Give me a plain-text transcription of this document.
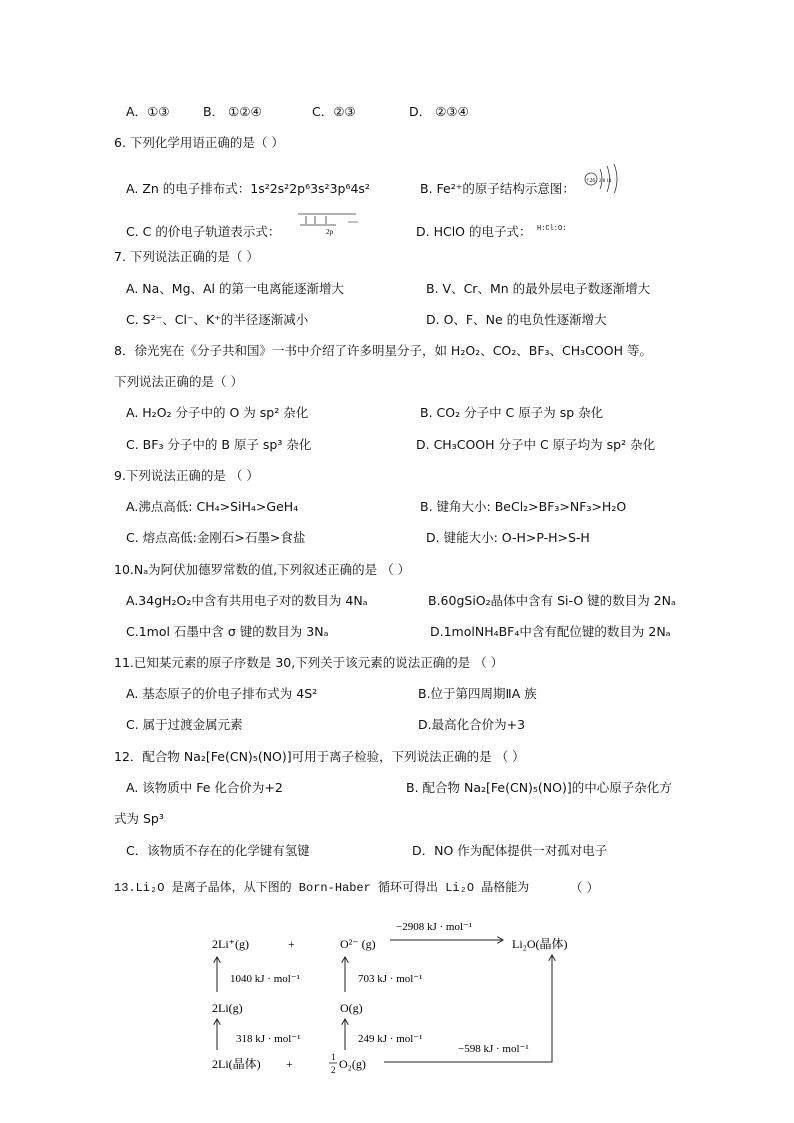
A．①③	B． ①②④	C．②③	D． ②③④
6. 下列化学用语正确的是（ ）
A. Zn 的电子排布式：1s²2s²2p⁶3s²3p⁶4s²	B. Fe²⁺的原子结构示意图： +26 2 8 14
C. C 的价电子轨道表示式：	2p	D. HClO 的电子式： H:Cl:O:
7. 下列说法正确的是（ ）
A. Na、Mg、Al 的第一电离能逐渐增大	B. V、Cr、Mn 的最外层电子数逐渐增大
C. S²⁻、Cl⁻、K⁺的半径逐渐减小	D. O、F、Ne 的电负性逐渐增大
8．徐光宪在《分子共和国》一书中介绍了许多明星分子，如 H₂O₂、CO₂、BF₃、CH₃COOH 等。
下列说法正确的是（ ）
A. H₂O₂ 分子中的 O 为 sp² 杂化	B. CO₂ 分子中 C 原子为 sp 杂化
C. BF₃ 分子中的 B 原子 sp³ 杂化	D. CH₃COOH 分子中 C 原子均为 sp² 杂化
9.下列说法正确的是 （ ）
A.沸点高低: CH₄>SiH₄>GeH₄	B. 键角大小: BeCl₂>BF₃>NF₃>H₂O
C. 熔点高低:金刚石>石墨>食盐	D. 键能大小: O-H>P-H>S-H
10.Nₐ为阿伏加德罗常数的值,下列叙述正确的是 （ ）
A.34gH₂O₂中含有共用电子对的数目为 4Nₐ	B.60gSiO₂晶体中含有 Si-O 键的数目为 2Nₐ
C.1mol 石墨中含 σ 键的数目为 3Nₐ	D.1molNH₄BF₄中含有配位键的数目为 2Nₐ
11.已知某元素的原子序数是 30,下列关于该元素的说法正确的是 （ ）
A. 基态原子的价电子排布式为 4S²	B.位于第四周期ⅡA 族
C. 属于过渡金属元素	D.最高化合价为+3
12．配合物 Na₂[Fe(CN)₅(NO)]可用于离子检验，下列说法正确的是 （ ）
A. 该物质中 Fe 化合价为+2	B. 配合物 Na₂[Fe(CN)₅(NO)]的中心原子杂化方
式为 Sp³
C．该物质不存在的化学键有氢键	D．NO 作为配体提供一对孤对电子
13.Li₂O 是离子晶体，从下图的 Born-Haber 循环可得出 Li₂O 晶格能为	（ ）
2Li⁺(g)	+	O²⁻ (g)
−2908 kJ · mol⁻¹
Li₂O(晶体)
1040 kJ · mol⁻¹	703 kJ · mol⁻¹
2Li(g)	O(g)
318 kJ · mol⁻¹	249 kJ · mol⁻¹
2Li(晶体) +	1
2 O₂(g)
−598 kJ · mol⁻¹
